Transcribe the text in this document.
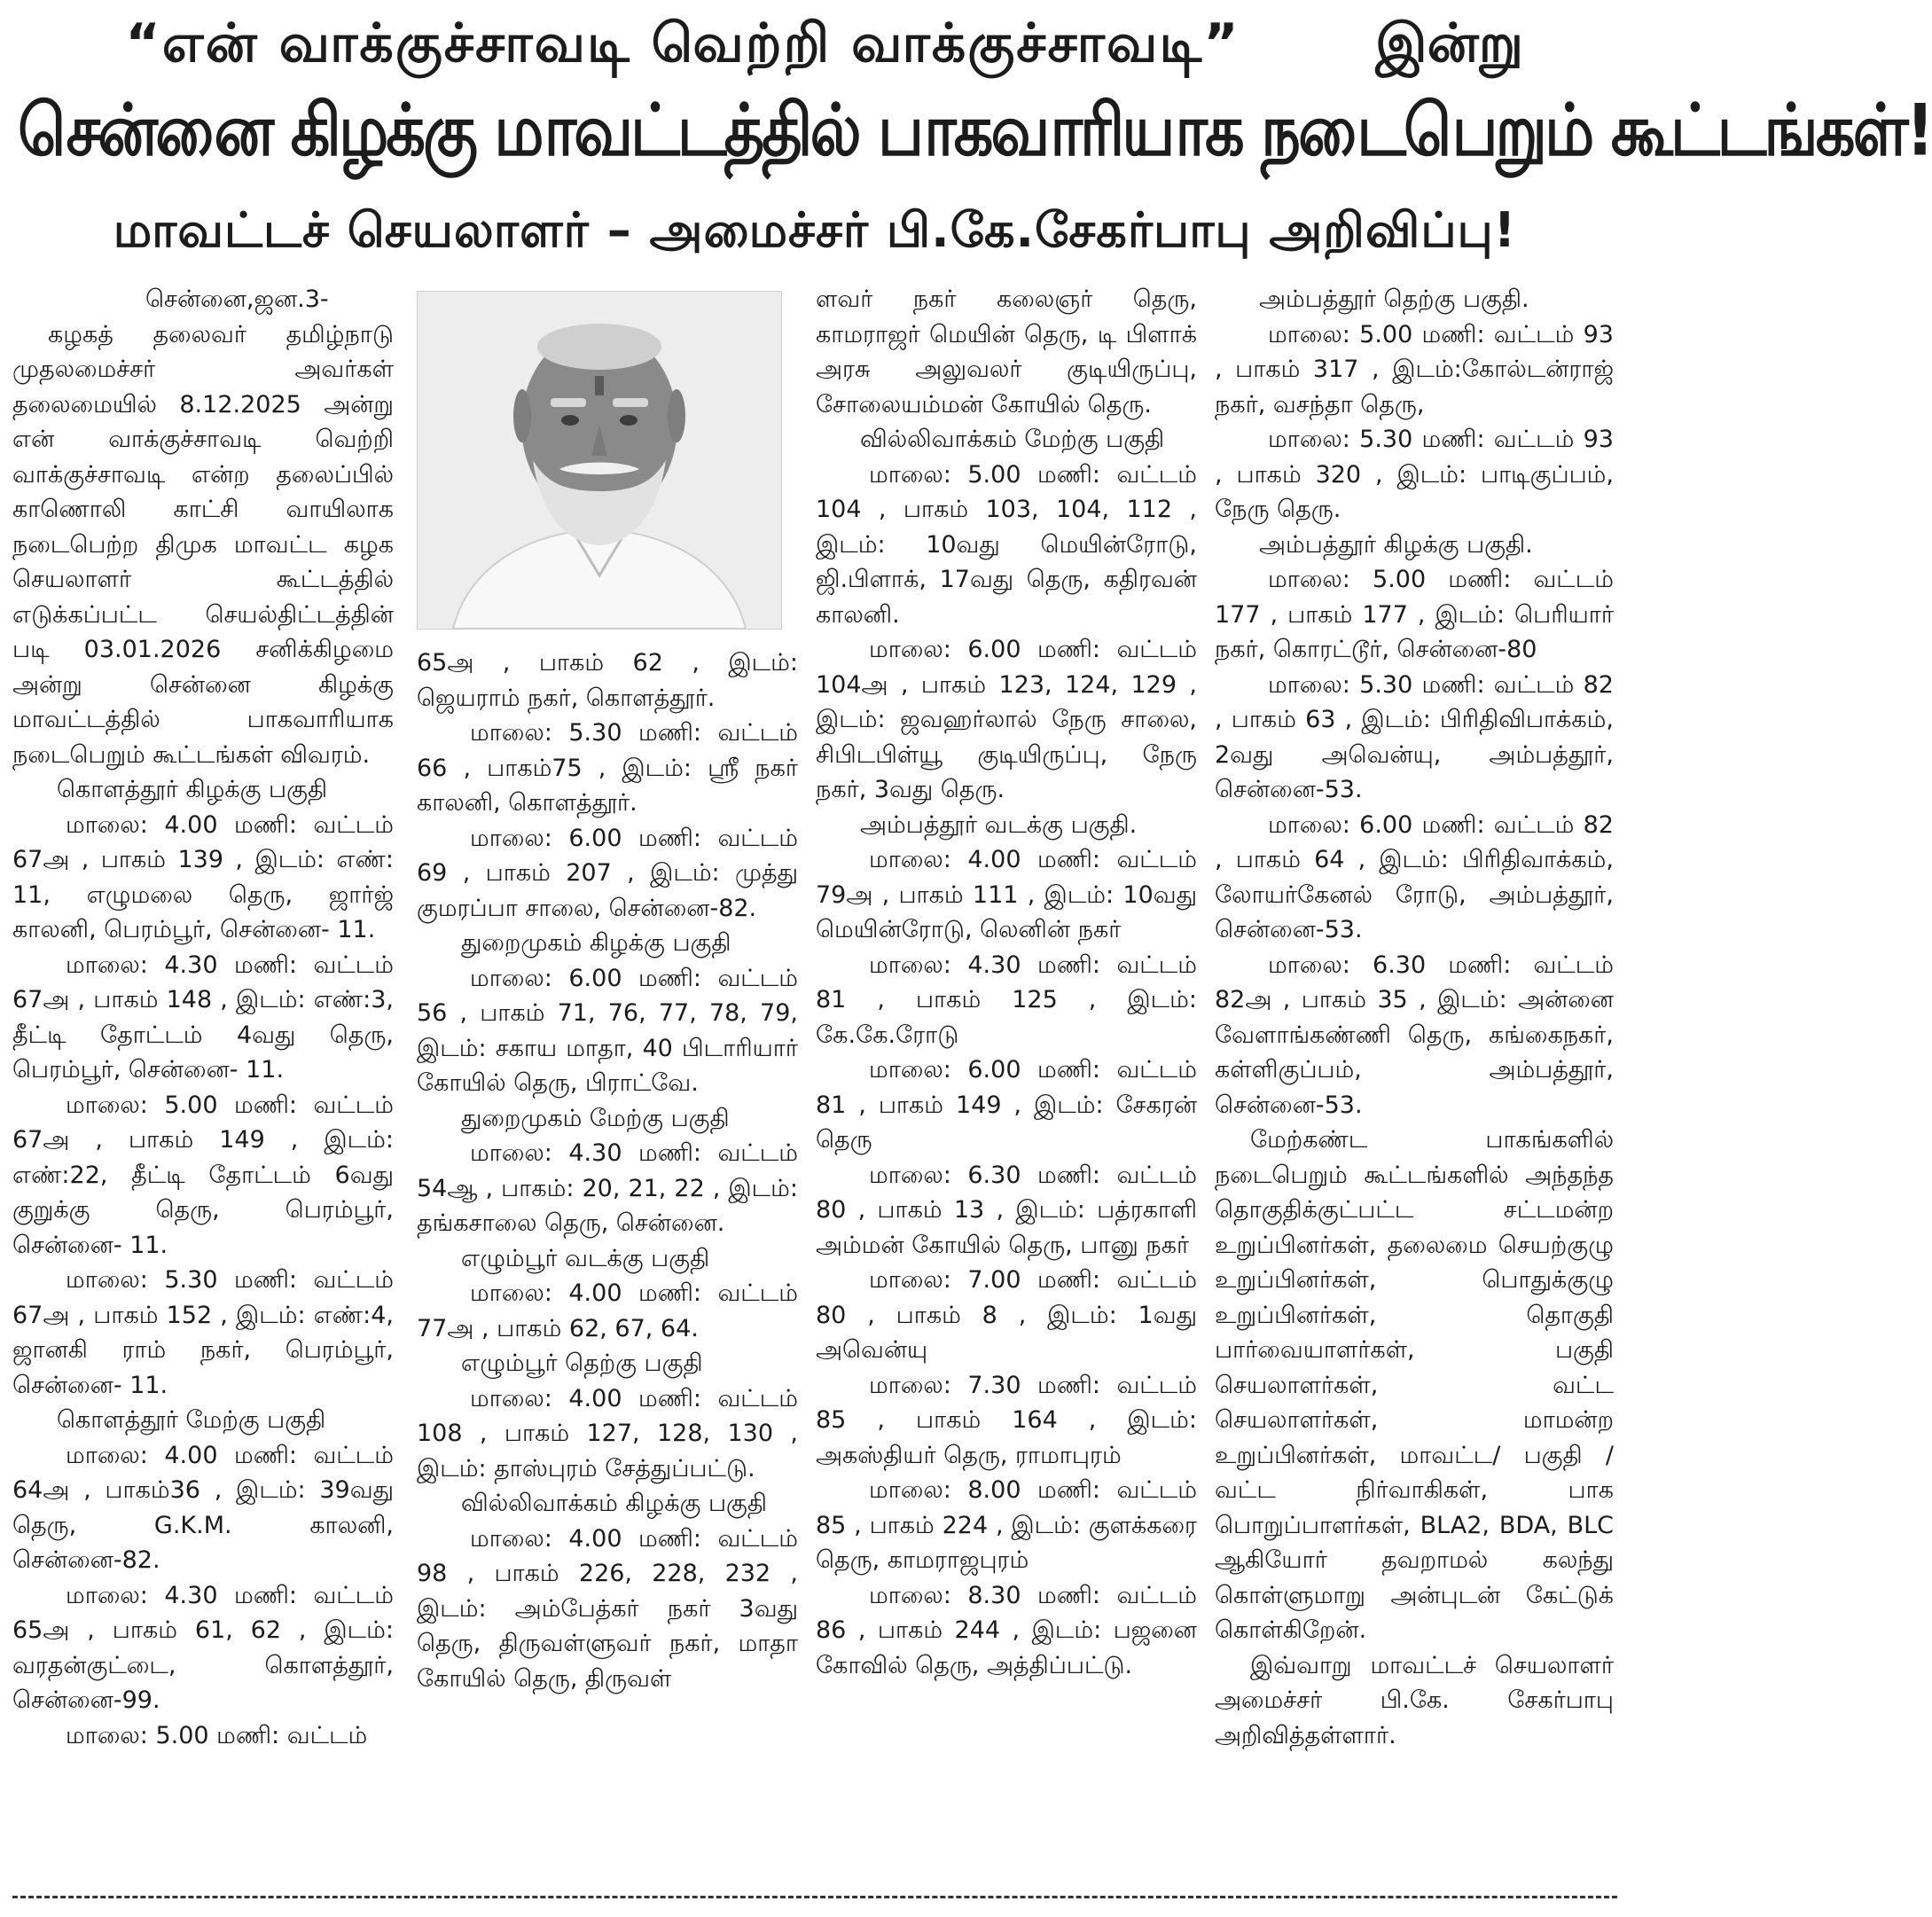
“என் வாக்குச்சாவடி வெற்றி வாக்குச்சாவடி”	இன்று
சென்னை கிழக்கு மாவட்டத்தில் பாகவாரியாக நடைபெறும் கூட்டங்கள்!
மாவட்டச் செயலாளர் – அமைச்சர் பி.கே.சேகர்பாபு அறிவிப்பு!

சென்னை,ஜன.3-

கழகத் தலைவர் தமிழ்நாடு முதலமைச்சர் அவர்கள் தலைமையில் 8.12.2025 அன்று என் வாக்குச்சாவடி வெற்றி வாக்குச்சாவடி என்ற தலைப்பில் காணொலி காட்சி வாயிலாக நடைபெற்ற திமுக மாவட்ட கழக செயலாளர் கூட்டத்தில் எடுக்கப்பட்ட செயல்திட்டத்தின் படி 03.01.2026 சனிக்கிழமை அன்று சென்னை கிழக்கு மாவட்டத்தில் பாகவாரியாக நடைபெறும் கூட்டங்கள் விவரம்.

கொளத்தூர் கிழக்கு பகுதி

மாலை: 4.00 மணி: வட்டம் 67அ , பாகம் 139 , இடம்: எண்: 11, எழுமலை தெரு, ஜார்ஜ் காலனி, பெரம்பூர், சென்னை- 11.

மாலை: 4.30 மணி: வட்டம் 67அ , பாகம் 148 , இடம்: எண்:3, தீட்டி தோட்டம் 4வது தெரு, பெரம்பூர், சென்னை- 11.

மாலை: 5.00 மணி: வட்டம் 67அ , பாகம் 149 , இடம்: எண்:22, தீட்டி தோட்டம் 6வது குறுக்கு தெரு, பெரம்பூர், சென்னை- 11.

மாலை: 5.30 மணி: வட்டம் 67அ , பாகம் 152 , இடம்: எண்:4, ஜானகி ராம் நகர், பெரம்பூர், சென்னை- 11.

கொளத்தூர் மேற்கு பகுதி

மாலை: 4.00 மணி: வட்டம் 64அ , பாகம்36 , இடம்: 39வது தெரு, G.K.M. காலனி, சென்னை-82.

மாலை: 4.30 மணி: வட்டம் 65அ , பாகம் 61, 62 , இடம்: வரதன்குட்டை, கொளத்தூர், சென்னை-99.

மாலை: 5.00 மணி: வட்டம்

65அ , பாகம் 62 , இடம்: ஜெயராம் நகர், கொளத்தூர்.

மாலை: 5.30 மணி: வட்டம் 66 , பாகம்75 , இடம்: ஸ்ரீ நகர் காலனி, கொளத்தூர்.

மாலை: 6.00 மணி: வட்டம் 69 , பாகம் 207 , இடம்: முத்து குமரப்பா சாலை, சென்னை-82.

துறைமுகம் கிழக்கு பகுதி

மாலை: 6.00 மணி: வட்டம் 56 , பாகம் 71, 76, 77, 78, 79, இடம்: சகாய மாதா, 40 பிடாரியார் கோயில் தெரு, பிராட்வே.

துறைமுகம் மேற்கு பகுதி

மாலை: 4.30 மணி: வட்டம் 54ஆ , பாகம்: 20, 21, 22 , இடம்: தங்கசாலை தெரு, சென்னை.

எழும்பூர் வடக்கு பகுதி

மாலை: 4.00 மணி: வட்டம் 77அ , பாகம் 62, 67, 64.

எழும்பூர் தெற்கு பகுதி

மாலை: 4.00 மணி: வட்டம் 108 , பாகம் 127, 128, 130 , இடம்: தாஸ்புரம் சேத்துப்பட்டு.

வில்லிவாக்கம் கிழக்கு பகுதி

மாலை: 4.00 மணி: வட்டம் 98 , பாகம் 226, 228, 232 , இடம்: அம்பேத்கர் நகர் 3வது தெரு, திருவள்ளுவர் நகர், மாதா கோயில் தெரு, திருவள்

ளவர் நகர் கலைஞர் தெரு, காமராஜர் மெயின் தெரு, டி பிளாக் அரசு அலுவலர் குடியிருப்பு, சோலையம்மன் கோயில் தெரு.

வில்லிவாக்கம் மேற்கு பகுதி

மாலை: 5.00 மணி: வட்டம் 104 , பாகம் 103, 104, 112 , இடம்: 10வது மெயின்ரோடு, ஜி.பிளாக், 17வது தெரு, கதிரவன் காலனி.

மாலை: 6.00 மணி: வட்டம் 104அ , பாகம் 123, 124, 129 , இடம்: ஜவஹர்லால் நேரு சாலை, சிபிடபிள்யூ குடியிருப்பு, நேரு நகர், 3வது தெரு.

அம்பத்தூர் வடக்கு பகுதி.

மாலை: 4.00 மணி: வட்டம் 79அ , பாகம் 111 , இடம்: 10வது மெயின்ரோடு, லெனின் நகர்

மாலை: 4.30 மணி: வட்டம் 81 , பாகம் 125 , இடம்: கே.கே.ரோடு

மாலை: 6.00 மணி: வட்டம் 81 , பாகம் 149 , இடம்: சேகரன் தெரு

மாலை: 6.30 மணி: வட்டம் 80 , பாகம் 13 , இடம்: பத்ரகாளி அம்மன் கோயில் தெரு, பானு நகர்

மாலை: 7.00 மணி: வட்டம் 80 , பாகம் 8 , இடம்: 1வது அவென்யு

மாலை: 7.30 மணி: வட்டம் 85 , பாகம் 164 , இடம்: அகஸ்தியர் தெரு, ராமாபுரம்

மாலை: 8.00 மணி: வட்டம் 85 , பாகம் 224 , இடம்: குளக்கரை தெரு, காமராஜபுரம்

மாலை: 8.30 மணி: வட்டம் 86 , பாகம் 244 , இடம்: பஜனை கோவில் தெரு, அத்திப்பட்டு.

அம்பத்தூர் தெற்கு பகுதி.

மாலை: 5.00 மணி: வட்டம் 93 , பாகம் 317 , இடம்:கோல்டன்ராஜ் நகர், வசந்தா தெரு,

மாலை: 5.30 மணி: வட்டம் 93 , பாகம் 320 , இடம்: பாடிகுப்பம், நேரு தெரு.

அம்பத்தூர் கிழக்கு பகுதி.

மாலை: 5.00 மணி: வட்டம் 177 , பாகம் 177 , இடம்: பெரியார் நகர், கொரட்டூர், சென்னை-80

மாலை: 5.30 மணி: வட்டம் 82 , பாகம் 63 , இடம்: பிரிதிவிபாக்கம், 2வது அவென்யு, அம்பத்தூர், சென்னை-53.

மாலை: 6.00 மணி: வட்டம் 82 , பாகம் 64 , இடம்: பிரிதிவாக்கம், லோயர்கேனல் ரோடு, அம்பத்தூர், சென்னை-53.

மாலை: 6.30 மணி: வட்டம் 82அ , பாகம் 35 , இடம்: அன்னை வேளாங்கண்ணி தெரு, கங்கைநகர், கள்ளிகுப்பம், அம்பத்தூர், சென்னை-53.

மேற்கண்ட பாகங்களில் நடைபெறும் கூட்டங்களில் அந்தந்த தொகுதிக்குட்பட்ட சட்டமன்ற உறுப்பினர்கள், தலைமை செயற்குழு உறுப்பினர்கள், பொதுக்குழு உறுப்பினர்கள், தொகுதி பார்வையாளர்கள், பகுதி செயலாளர்கள், வட்ட செயலாளர்கள், மாமன்ற உறுப்பினர்கள், மாவட்ட/ பகுதி / வட்ட நிர்வாகிகள், பாக பொறுப்பாளர்கள், BLA2, BDA, BLC ஆகியோர் தவறாமல் கலந்து கொள்ளுமாறு அன்புடன் கேட்டுக் கொள்கிறேன்.

இவ்வாறு மாவட்டச் செயலாளர் அமைச்சர் பி.கே. சேகர்பாபு அறிவித்தள்ளார்.
